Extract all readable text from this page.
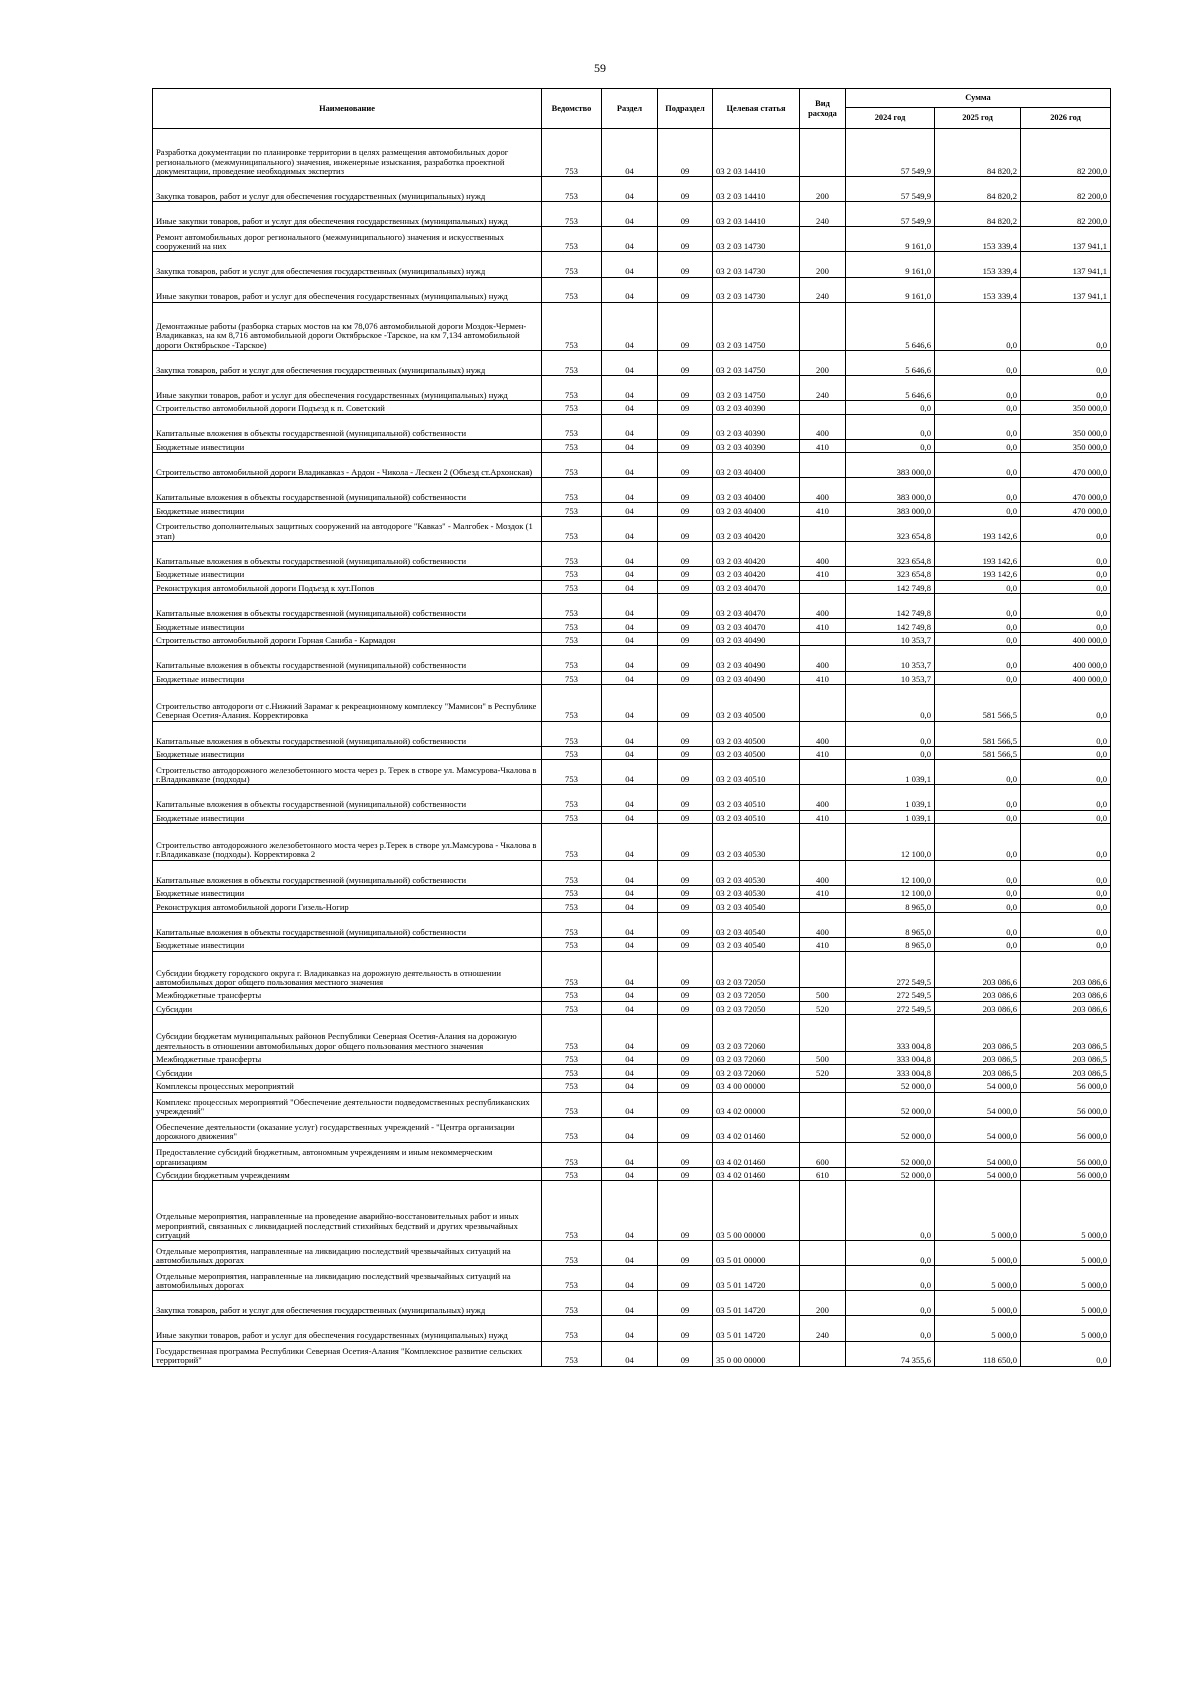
59
Наименование	Ведомство	Раздел	Подраздел	Целевая статья	Вид расхода	Сумма		
						2024 год	2025 год	2026 год
Разработка документации по планировке территории в целях размещения автомобильных дорог регионального (межмуниципального) значения, инженерные изыскания, разработка проектной документации, проведение необходимых экспертиз	753	04	09	03 2 03 14410		57 549,9	84 820,2	82 200,0
Закупка товаров, работ и услуг для обеспечения государственных (муниципальных) нужд	753	04	09	03 2 03 14410	200	57 549,9	84 820,2	82 200,0
Иные закупки товаров, работ и услуг для обеспечения государственных (муниципальных) нужд	753	04	09	03 2 03 14410	240	57 549,9	84 820,2	82 200,0
Ремонт автомобильных дорог регионального (межмуниципального) значения и искусственных сооружений на них	753	04	09	03 2 03 14730		9 161,0	153 339,4	137 941,1
Закупка товаров, работ и услуг для обеспечения государственных (муниципальных) нужд	753	04	09	03 2 03 14730	200	9 161,0	153 339,4	137 941,1
Иные закупки товаров, работ и услуг для обеспечения государственных (муниципальных) нужд	753	04	09	03 2 03 14730	240	9 161,0	153 339,4	137 941,1
Демонтажные работы (разборка старых мостов на км 78,076 автомобильной дороги Моздок-Чермен-Владикавказ, на км 8,716 автомобильной дороги Октябрьское -Тарское, на км 7,134 автомобильной дороги Октябрьское -Тарское)	753	04	09	03 2 03 14750		5 646,6	0,0	0,0
Закупка товаров, работ и услуг для обеспечения государственных (муниципальных) нужд	753	04	09	03 2 03 14750	200	5 646,6	0,0	0,0
Иные закупки товаров, работ и услуг для обеспечения государственных (муниципальных) нужд	753	04	09	03 2 03 14750	240	5 646,6	0,0	0,0
Строительство автомобильной дороги Подъезд к п. Советский	753	04	09	03 2 03 40390		0,0	0,0	350 000,0
Капитальные вложения в объекты государственной (муниципальной) собственности	753	04	09	03 2 03 40390	400	0,0	0,0	350 000,0
Бюджетные инвестиции	753	04	09	03 2 03 40390	410	0,0	0,0	350 000,0
Строительство автомобильной дороги Владикавказ - Ардон - Чикола - Лескен 2 (Объезд ст.Архонская)	753	04	09	03 2 03 40400		383 000,0	0,0	470 000,0
Капитальные вложения в объекты государственной (муниципальной) собственности	753	04	09	03 2 03 40400	400	383 000,0	0,0	470 000,0
Бюджетные инвестиции	753	04	09	03 2 03 40400	410	383 000,0	0,0	470 000,0
Строительство дополнительных защитных сооружений на автодороге "Кавказ" - Малгобек - Моздок (1 этап)	753	04	09	03 2 03 40420		323 654,8	193 142,6	0,0
Капитальные вложения в объекты государственной (муниципальной) собственности	753	04	09	03 2 03 40420	400	323 654,8	193 142,6	0,0
Бюджетные инвестиции	753	04	09	03 2 03 40420	410	323 654,8	193 142,6	0,0
Реконструкция автомобильной дороги Подъезд к хут.Попов	753	04	09	03 2 03 40470		142 749,8	0,0	0,0
Капитальные вложения в объекты государственной (муниципальной) собственности	753	04	09	03 2 03 40470	400	142 749,8	0,0	0,0
Бюджетные инвестиции	753	04	09	03 2 03 40470	410	142 749,8	0,0	0,0
Строительство автомобильной дороги Горная Саниба - Кармадон	753	04	09	03 2 03 40490		10 353,7	0,0	400 000,0
Капитальные вложения в объекты государственной (муниципальной) собственности	753	04	09	03 2 03 40490	400	10 353,7	0,0	400 000,0
Бюджетные инвестиции	753	04	09	03 2 03 40490	410	10 353,7	0,0	400 000,0
Строительство автодороги от с.Нижний Зарамаг к рекреационному комплексу "Мамисон" в Республике Северная Осетия-Алания. Корректировка	753	04	09	03 2 03 40500		0,0	581 566,5	0,0
Капитальные вложения в объекты государственной (муниципальной) собственности	753	04	09	03 2 03 40500	400	0,0	581 566,5	0,0
Бюджетные инвестиции	753	04	09	03 2 03 40500	410	0,0	581 566,5	0,0
Строительство автодорожного железобетонного моста через р. Терек в створе ул. Мамсурова-Чкалова в г.Владикавказе (подходы)	753	04	09	03 2 03 40510		1 039,1	0,0	0,0
Капитальные вложения в объекты государственной (муниципальной) собственности	753	04	09	03 2 03 40510	400	1 039,1	0,0	0,0
Бюджетные инвестиции	753	04	09	03 2 03 40510	410	1 039,1	0,0	0,0
Строительство автодорожного железобетонного моста через р.Терек в створе ул.Мамсурова - Чкалова в г.Владикавказе (подходы). Корректировка 2	753	04	09	03 2 03 40530		12 100,0	0,0	0,0
Капитальные вложения в объекты государственной (муниципальной) собственности	753	04	09	03 2 03 40530	400	12 100,0	0,0	0,0
Бюджетные инвестиции	753	04	09	03 2 03 40530	410	12 100,0	0,0	0,0
Реконструкция автомобильной дороги Гизель-Ногир	753	04	09	03 2 03 40540		8 965,0	0,0	0,0
Капитальные вложения в объекты государственной (муниципальной) собственности	753	04	09	03 2 03 40540	400	8 965,0	0,0	0,0
Бюджетные инвестиции	753	04	09	03 2 03 40540	410	8 965,0	0,0	0,0
Субсидии бюджету городского округа г. Владикавказ на дорожную деятельность в отношении автомобильных дорог общего пользования местного значения	753	04	09	03 2 03 72050		272 549,5	203 086,6	203 086,6
Межбюджетные трансферты	753	04	09	03 2 03 72050	500	272 549,5	203 086,6	203 086,6
Субсидии	753	04	09	03 2 03 72050	520	272 549,5	203 086,6	203 086,6
Субсидии бюджетам муниципальных районов Республики Северная Осетия-Алания на дорожную деятельность в отношении автомобильных дорог общего пользования местного значения	753	04	09	03 2 03 72060		333 004,8	203 086,5	203 086,5
Межбюджетные трансферты	753	04	09	03 2 03 72060	500	333 004,8	203 086,5	203 086,5
Субсидии	753	04	09	03 2 03 72060	520	333 004,8	203 086,5	203 086,5
Комплексы процессных мероприятий	753	04	09	03 4 00 00000		52 000,0	54 000,0	56 000,0
Комплекс процессных мероприятий "Обеспечение деятельности подведомственных республиканских учреждений"	753	04	09	03 4 02 00000		52 000,0	54 000,0	56 000,0
Обеспечение деятельности (оказание услуг) государственных учреждений - "Центра организации дорожного движения"	753	04	09	03 4 02 01460		52 000,0	54 000,0	56 000,0
Предоставление субсидий бюджетным, автономным учреждениям и иным некоммерческим организациям	753	04	09	03 4 02 01460	600	52 000,0	54 000,0	56 000,0
Субсидии бюджетным учреждениям	753	04	09	03 4 02 01460	610	52 000,0	54 000,0	56 000,0
Отдельные мероприятия, направленные на проведение аварийно-восстановительных работ и иных мероприятий, связанных с ликвидацией последствий стихийных бедствий и других чрезвычайных ситуаций	753	04	09	03 5 00 00000		0,0	5 000,0	5 000,0
Отдельные мероприятия, направленные на ликвидацию последствий чрезвычайных ситуаций на автомобильных дорогах	753	04	09	03 5 01 00000		0,0	5 000,0	5 000,0
Отдельные мероприятия, направленные на ликвидацию последствий чрезвычайных ситуаций на автомобильных дорогах	753	04	09	03 5 01 14720		0,0	5 000,0	5 000,0
Закупка товаров, работ и услуг для обеспечения государственных (муниципальных) нужд	753	04	09	03 5 01 14720	200	0,0	5 000,0	5 000,0
Иные закупки товаров, работ и услуг для обеспечения государственных (муниципальных) нужд	753	04	09	03 5 01 14720	240	0,0	5 000,0	5 000,0
Государственная программа Республики Северная Осетия-Алания "Комплексное развитие сельских территорий"	753	04	09	35 0 00 00000		74 355,6	118 650,0	0,0
